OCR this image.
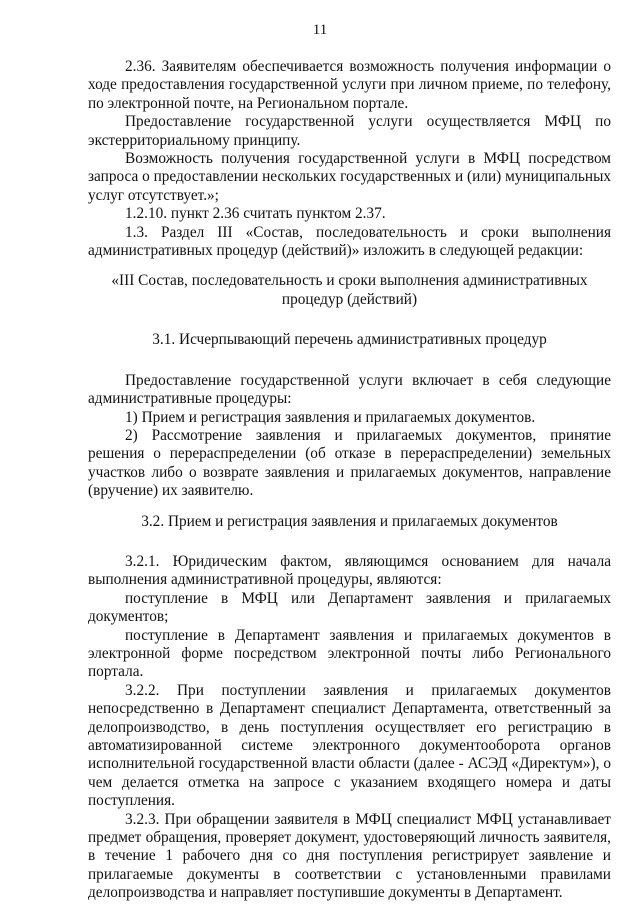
11

2.36. Заявителям обеспечивается возможность получения информации о ходе предоставления государственной услуги при личном приеме, по телефону, по электронной почте, на Региональном портале.

Предоставление государственной услуги осуществляется МФЦ по экстерриториальному принципу.

Возможность получения государственной услуги в МФЦ посредством запроса о предоставлении нескольких государственных и (или) муниципальных услуг отсутствует.»;

1.2.10. пункт 2.36 считать пунктом 2.37.

1.3. Раздел III «Состав, последовательность и сроки выполнения административных процедур (действий)» изложить в следующей редакции:

«III Состав, последовательность и сроки выполнения административных процедур (действий)

3.1. Исчерпывающий перечень административных процедур

Предоставление государственной услуги включает в себя следующие административные процедуры:

1) Прием и регистрация заявления и прилагаемых документов.

2) Рассмотрение заявления и прилагаемых документов, принятие решения о перераспределении (об отказе в перераспределении) земельных участков либо о возврате заявления и прилагаемых документов, направление (вручение) их заявителю.

3.2. Прием и регистрация заявления и прилагаемых документов

3.2.1. Юридическим фактом, являющимся основанием для начала выполнения административной процедуры, являются:

поступление в МФЦ или Департамент заявления и прилагаемых документов;

поступление в Департамент заявления и прилагаемых документов в электронной форме посредством электронной почты либо Регионального портала.

3.2.2. При поступлении заявления и прилагаемых документов непосредственно в Департамент специалист Департамента, ответственный за делопроизводство, в день поступления осуществляет его регистрацию в автоматизированной системе электронного документооборота органов исполнительной государственной власти области (далее - АСЭД «Директум»), о чем делается отметка на запросе с указанием входящего номера и даты поступления.

3.2.3. При обращении заявителя в МФЦ специалист МФЦ устанавливает предмет обращения, проверяет документ, удостоверяющий личность заявителя, в течение 1 рабочего дня со дня поступления регистрирует заявление и прилагаемые документы в соответствии с установленными правилами делопроизводства и направляет поступившие документы в Департамент.
